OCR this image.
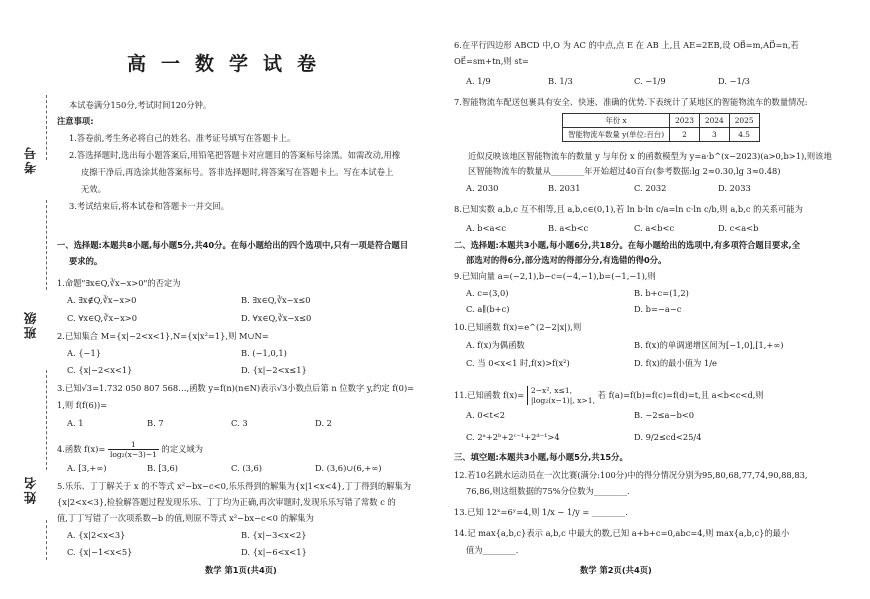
考号
班级
姓名
高一数学试卷
本试卷满分150分,考试时间120分钟。
注意事项:
1.答卷前,考生务必将自己的姓名、准考证号填写在答题卡上。
2.答选择题时,选出每小题答案后,用铅笔把答题卡对应题目的答案标号涂黑。如需改动,用橡
皮擦干净后,再选涂其他答案标号。答非选择题时,将答案写在答题卡上。写在本试卷上
无效。
3.考试结束后,将本试卷和答题卡一并交回。
一、选择题:本题共8小题,每小题5分,共40分。在每小题给出的四个选项中,只有一项是符合题目
要求的。
1.命题"∃x∈Q,∛x−x>0"的否定为
A. ∃x∉Q,∛x−x>0	B. ∃x∈Q,∛x−x≤0
C. ∀x∈Q,∛x−x>0	D. ∀x∈Q,∛x−x≤0
2.已知集合 M={x|−2<x<1},N={x|x²=1},则 M∪N=
A. {−1}	B. (−1,0,1)
C. {x|−2<x<1}	D. {x|−2<x≤1}
3.已知√3=1.732 050 807 568…,函数 y=f(n)(n∈N)表示√3小数点后第 n 位数字 y,约定 f(0)=
1,则 f(f(6))=
A. 1	B. 7	C. 3	D. 2
4.函数 $f(x)= \frac{1}{\text{log₂(x−3)−1}}$ 的定义域为
A. [3,+∞)	B. [3,6)	C. (3,6)	D. (3,6)∪(6,+∞)
5.乐乐、丁丁解关于 x 的不等式 x²−bx−c<0,乐乐得到的解集为{x|1<x<4},丁丁得到的解集为
{x|2<x<3},检验解答题过程发现乐乐、丁丁均为正确,再次审题时,发现乐乐写错了常数 c 的
值,丁丁写错了一次项系数−b 的值,则原不等式 x²−bx−c<0 的解集为
A. {x|2<x<3}	B. {x|−3<x<2}
C. {x|−1<x<5}	D. {x|−6<x<1}
数学 第1页(共4页)
6.在平行四边形 ABCD 中,O 为 AC 的中点,点 E 在 AB 上,且 AE=2EB,设 OB⃗=m,AD⃗=n,若
OE⃗=sm+tn,则 st=
A. 1/9	B. 1/3	C. −1/9	D. −1/3
7.智能物流车配送包裹具有安全、快速、准确的优势.下表统计了某地区的智能物流车的数量情况:
年份 x	2023	2024	2025
智能物流车数量 y(单位:百台)	2	3	4.5
近似反映该地区智能物流车的数量 y 与年份 x 的函数模型为 y=a·b^(x−2023)(a>0,b>1),则该地
区智能物流车的数量从________年开始超过40百台(参考数据:lg 2≈0.30,lg 3≈0.48)
A. 2030	B. 2031	C. 2032	D. 2033
8.已知实数 a,b,c 互不相等,且 a,b,c∈(0,1),若 ln b·ln c/a=ln c·ln c/b,则 a,b,c 的关系可能为
A. b<a<c	B. a<b<c	C. a<b<c	D. c<a<b
二、选择题:本题共3小题,每小题6分,共18分。在每小题给出的选项中,有多项符合题目要求,全
部选对的得6分,部分选对的得部分分,有选错的得0分。
9.已知向量 a=(−2,1),b−c=(−4,−1),b=(−1,−1),则
A. c=(3,0)	B. b+c=(1,2)
C. a∥(b+c)	D. b=−a−c
10.已知函数 f(x)=e^(2−2|x|),则
A. f(x)为偶函数	B. f(x)的单调递增区间为[−1,0],[1,+∞)
C. 当 0<x<1 时,f(x)>f(x²)	D. f(x)的最小值为 1/e
11.已知函数 f(x)= 2−x², x≤1,
|log₂(x−1)|, x>1, 若 f(a)=f(b)=f(c)=f(d)=t,且 a<b<c<d,则
A. 0<t<2	B. −2≤a−b<0
C. 2ᵃ+2ᵇ+2ᶜ⁻¹+2ᵈ⁻¹>4	D. 9/2≤cd<25/4
三、填空题:本题共3小题,每小题5分,共15分。
12.若10名跳水运动员在一次比赛(满分:100分)中的得分情况分别为95,80,68,77,74,90,88,83,
76,86,则这组数据的75%分位数为________.
13.已知 12ˣ=6ʸ=4,则 1/x − 1/y = ________.
14.记 max{a,b,c}表示 a,b,c 中最大的数,已知 a+b+c=0,abc=4,则 max{a,b,c}的最小
值为________.
数学 第2页(共4页)
